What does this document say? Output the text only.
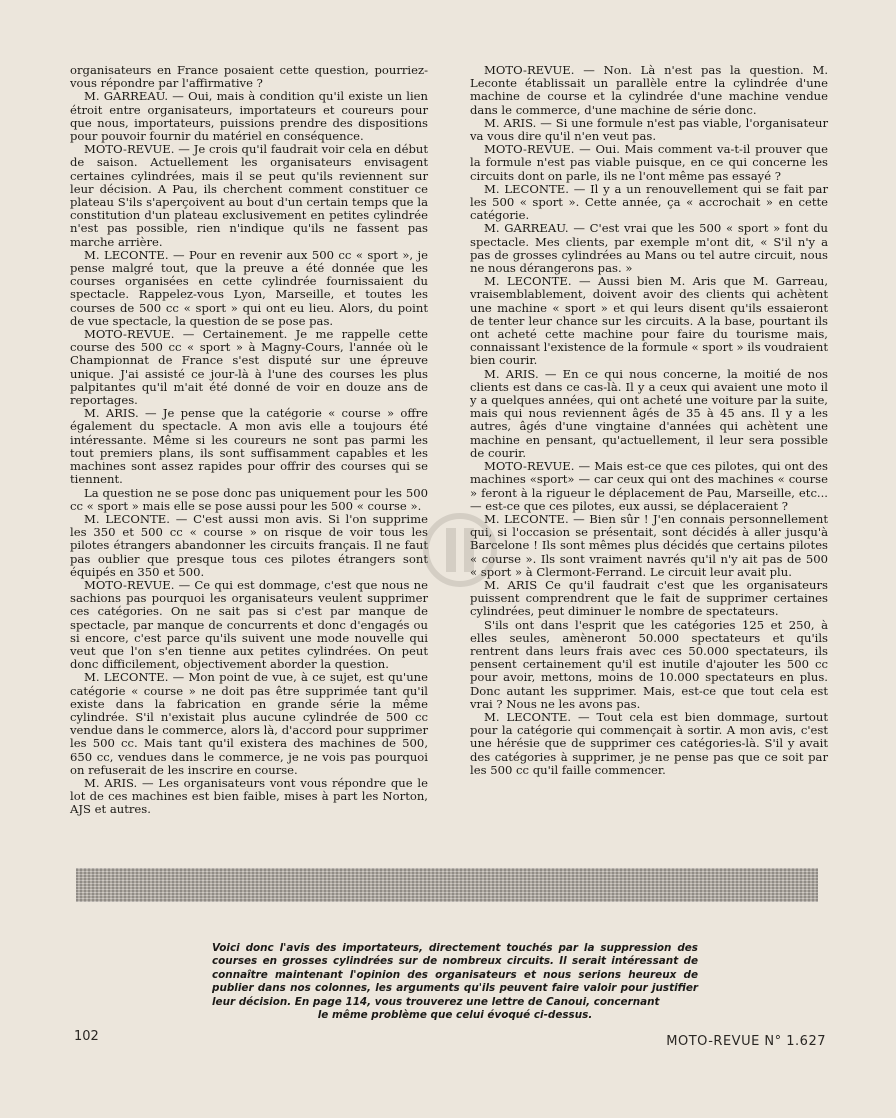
organisateurs en France posaient cette question, pourriez-vous répondre par l'affirmative ?

M. GARREAU. — Oui, mais à condition qu'il existe un lien étroit entre organisateurs, importateurs et coureurs pour que nous, importateurs, puissions prendre des dispositions pour pouvoir fournir du matériel en conséquence.

MOTO-REVUE. — Je crois qu'il faudrait voir cela en début de saison. Actuellement les organisateurs envisagent certaines cylindrées, mais il se peut qu'ils reviennent sur leur décision. A Pau, ils cherchent comment constituer ce plateau S'ils s'aperçoivent au bout d'un certain temps que la constitution d'un plateau exclusivement en petites cylindrée n'est pas possible, rien n'indique qu'ils ne fassent pas marche arrière.

M. LECONTE. — Pour en revenir aux 500 cc « sport », je pense malgré tout, que la preuve a été donnée que les courses organisées en cette cylindrée fournissaient du spectacle. Rappelez-vous Lyon, Marseille, et toutes les courses de 500 cc « sport » qui ont eu lieu. Alors, du point de vue spectacle, la question de se pose pas.

MOTO-REVUE. — Certainement. Je me rappelle cette course des 500 cc « sport » à Magny-Cours, l'année où le Championnat de France s'est disputé sur une épreuve unique. J'ai assisté ce jour-là à l'une des courses les plus palpitantes qu'il m'ait été donné de voir en douze ans de reportages.

M. ARIS. — Je pense que la catégorie « course » offre également du spectacle. A mon avis elle a toujours été intéressante. Même si les coureurs ne sont pas parmi les tout premiers plans, ils sont suffisamment capables et les machines sont assez rapides pour offrir des courses qui se tiennent.

La question ne se pose donc pas uniquement pour les 500 cc « sport » mais elle se pose aussi pour les 500 « course ».

M. LECONTE. — C'est aussi mon avis. Si l'on supprime les 350 et 500 cc « course » on risque de voir tous les pilotes étrangers abandonner les circuits français. Il ne faut pas oublier que presque tous ces pilotes étrangers sont équipés en 350 et 500.

MOTO-REVUE. — Ce qui est dommage, c'est que nous ne sachions pas pourquoi les organisateurs veulent supprimer ces catégories. On ne sait pas si c'est par manque de spectacle, par manque de concurrents et donc d'engagés ou si encore, c'est parce qu'ils suivent une mode nouvelle qui veut que l'on s'en tienne aux petites cylindrées. On peut donc difficilement, objectivement aborder la question.

M. LECONTE. — Mon point de vue, à ce sujet, est qu'une catégorie « course » ne doit pas être supprimée tant qu'il existe dans la fabrication en grande série la même cylindrée. S'il n'existait plus aucune cylindrée de 500 cc vendue dans le commerce, alors là, d'accord pour supprimer les 500 cc. Mais tant qu'il existera des machines de 500, 650 cc, vendues dans le commerce, je ne vois pas pourquoi on refuserait de les inscrire en course.

M. ARIS. — Les organisateurs vont vous répondre que le lot de ces machines est bien faible, mises à part les Norton, AJS et autres.

MOTO-REVUE. — Non. Là n'est pas la question. M. Leconte établissait un parallèle entre la cylindrée d'une machine de course et la cylindrée d'une machine vendue dans le commerce, d'une machine de série donc.

M. ARIS. — Si une formule n'est pas viable, l'organisateur va vous dire qu'il n'en veut pas.

MOTO-REVUE. — Oui. Mais comment va-t-il prouver que la formule n'est pas viable puisque, en ce qui concerne les circuits dont on parle, ils ne l'ont même pas essayé ?

M. LECONTE. — Il y a un renouvellement qui se fait par les 500 « sport ». Cette année, ça « accrochait » en cette catégorie.

M. GARREAU. — C'est vrai que les 500 « sport » font du spectacle. Mes clients, par exemple m'ont dit, « S'il n'y a pas de grosses cylindrées au Mans ou tel autre circuit, nous ne nous dérangerons pas. »

M. LECONTE. — Aussi bien M. Aris que M. Garreau, vraisemblablement, doivent avoir des clients qui achètent une machine « sport » et qui leurs disent qu'ils essaieront de tenter leur chance sur les circuits. A la base, pourtant ils ont acheté cette machine pour faire du tourisme mais, connaissant l'existence de la formule « sport » ils voudraient bien courir.

M. ARIS. — En ce qui nous concerne, la moitié de nos clients est dans ce cas-là. Il y a ceux qui avaient une moto il y a quelques années, qui ont acheté une voiture par la suite, mais qui nous reviennent âgés de 35 à 45 ans. Il y a les autres, âgés d'une vingtaine d'années qui achètent une machine en pensant, qu'actuellement, il leur sera possible de courir.

MOTO-REVUE. — Mais est-ce que ces pilotes, qui ont des machines «sport» — car ceux qui ont des machines « course » feront à la rigueur le déplacement de Pau, Marseille, etc... — est-ce que ces pilotes, eux aussi, se déplaceraient ?

M. LECONTE. — Bien sûr ! J'en connais personnellement qui, si l'occasion se présentait, sont décidés à aller jusqu'à Barcelone ! Ils sont mêmes plus décidés que certains pilotes « course ». Ils sont vraiment navrés qu'il n'y ait pas de 500 « sport » à Clermont-Ferrand. Le circuit leur avait plu.

M. ARIS Ce qu'il faudrait c'est que les organisateurs puissent comprendrent que le fait de supprimer certaines cylindrées, peut diminuer le nombre de spectateurs.

S'ils ont dans l'esprit que les catégories 125 et 250, à elles seules, amèneront 50.000 spectateurs et qu'ils rentrent dans leurs frais avec ces 50.000 spectateurs, ils pensent certainement qu'il est inutile d'ajouter les 500 cc pour avoir, mettons, moins de 10.000 spectateurs en plus. Donc autant les supprimer. Mais, est-ce que tout cela est vrai ? Nous ne les avons pas.

M. LECONTE. — Tout cela est bien dommage, surtout pour la catégorie qui commençait à sortir. A mon avis, c'est une hérésie que de supprimer ces catégories-là. S'il y avait des catégories à supprimer, je ne pense pas que ce soit par les 500 cc qu'il faille commencer.

Voici donc l'avis des importateurs, directement touchés par la suppression des courses en grosses cylindrées sur de nombreux circuits. Il serait intéressant de connaître maintenant l'opinion des organisateurs et nous serions heureux de publier dans nos colonnes, les arguments qu'ils peuvent faire valoir pour justifier leur décision. En page 114, vous trouverez une lettre de Canoui, concernant
le même problème que celui évoqué ci-dessus.
102	MOTO-REVUE N° 1.627
